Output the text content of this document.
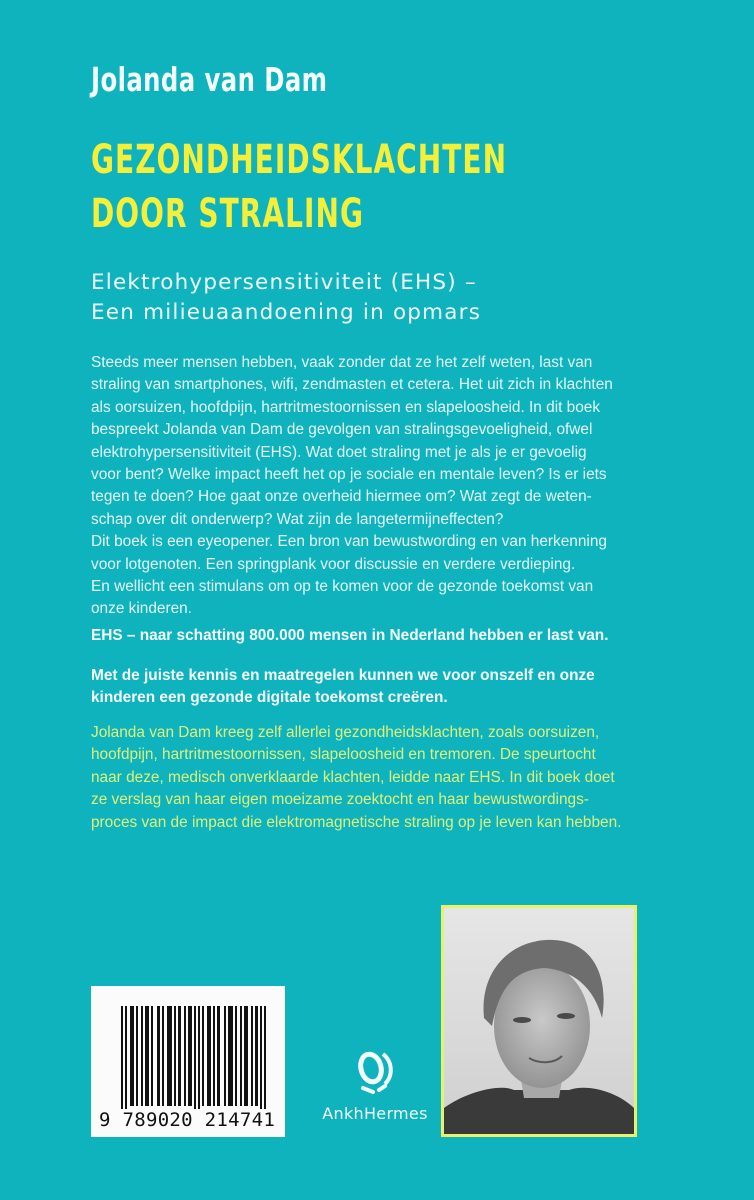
Jolanda van Dam
GEZONDHEIDSKLACHTEN
DOOR STRALING
Elektrohypersensitiviteit (EHS) –
Een milieuaandoening in opmars
Steeds meer mensen hebben, vaak zonder dat ze het zelf weten, last van
straling van smartphones, wifi, zendmasten et cetera. Het uit zich in klachten
als oorsuizen, hoofdpijn, hartritmestoornissen en slapeloosheid. In dit boek
bespreekt Jolanda van Dam de gevolgen van stralingsgevoeligheid, ofwel
elektrohypersensitiviteit (EHS). Wat doet straling met je als je er gevoelig
voor bent? Welke impact heeft het op je sociale en mentale leven? Is er iets
tegen te doen? Hoe gaat onze overheid hiermee om? Wat zegt de weten-
schap over dit onderwerp? Wat zijn de langetermijneffecten?
Dit boek is een eyeopener. Een bron van bewustwording en van herkenning
voor lotgenoten. Een springplank voor discussie en verdere verdieping.
En wellicht een stimulans om op te komen voor de gezonde toekomst van
onze kinderen.
EHS – naar schatting 800.000 mensen in Nederland hebben er last van.
Met de juiste kennis en maatregelen kunnen we voor onszelf en onze
kinderen een gezonde digitale toekomst creëren.
Jolanda van Dam kreeg zelf allerlei gezondheidsklachten, zoals oorsuizen,
hoofdpijn, hartritmestoornissen, slapeloosheid en tremoren. De speurtocht
naar deze, medisch onverklaarde klachten, leidde naar EHS. In dit boek doet
ze verslag van haar eigen moeizame zoektocht en haar bewustwordings-
proces van de impact die elektromagnetische straling op je leven kan hebben.
9 789020 214741	AnkhHermes
